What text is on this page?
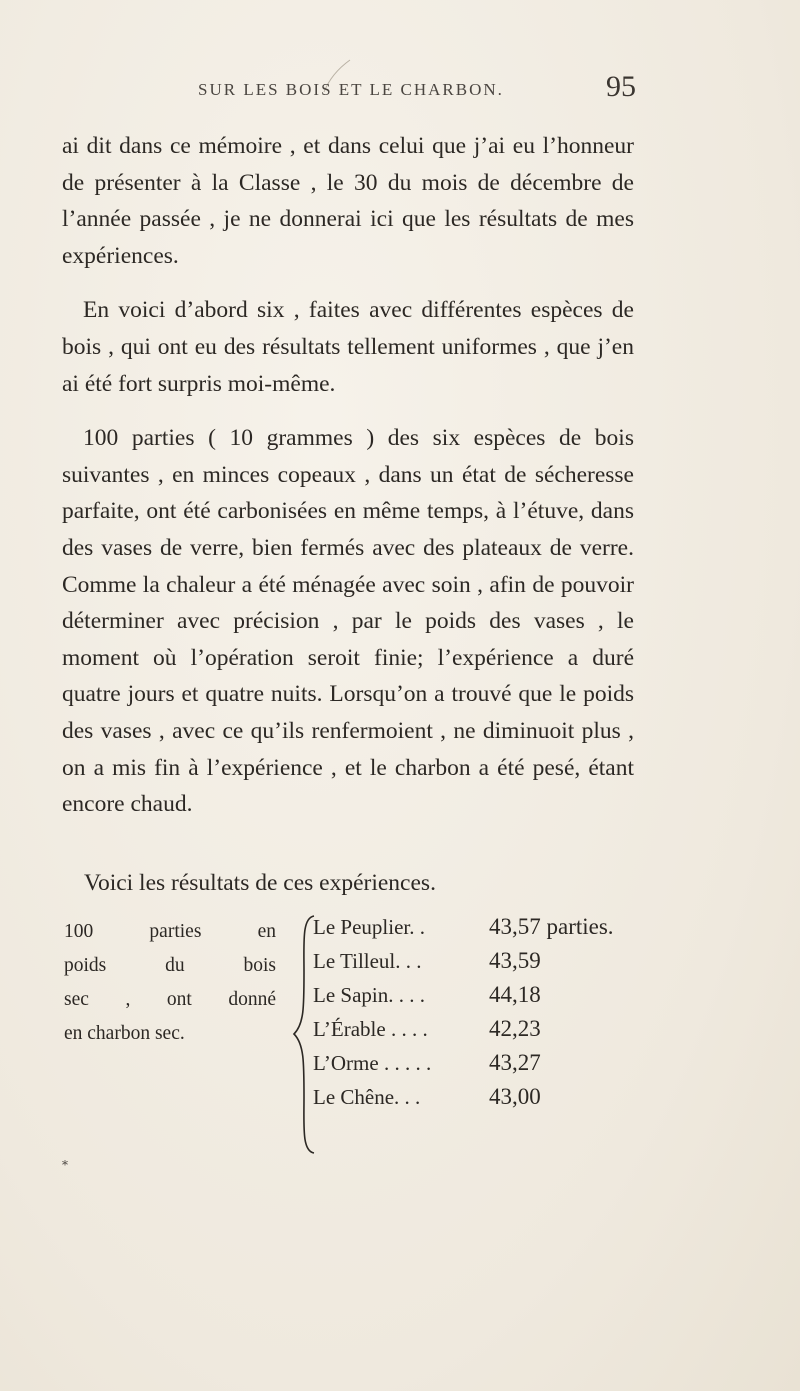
SUR LES BOIS ET LE CHARBON.	95

ai dit dans ce mémoire , et dans celui que j’ai eu l’honneur de présenter à la Classe , le 30 du mois de décembre de l’année passée , je ne donnerai ici que les résultats de mes expériences.

En voici d’abord six , faites avec différentes espèces de bois , qui ont eu des résultats tellement uniformes , que j’en ai été fort surpris moi-même.

100 parties ( 10 grammes ) des six espèces de bois suivantes , en minces copeaux , dans un état de sécheresse parfaite, ont été carbonisées en même temps, à l’étuve, dans des vases de verre, bien fermés avec des plateaux de verre. Comme la chaleur a été ménagée avec soin , afin de pouvoir déterminer avec précision , par le poids des vases , le moment où l’opération seroit finie; l’expérience a duré quatre jours et quatre nuits. Lorsqu’on a trouvé que le poids des vases , avec ce qu’ils renfermoient , ne diminuoit plus , on a mis fin à l’expérience , et le charbon a été pesé, étant encore chaud.

Voici les résultats de ces expériences.
100 parties en
poids du bois
sec , ont donné
en charbon sec.
Le Peuplier. .	43,57 parties.
Le Tilleul. . .	43,59
Le Sapin. . . .	44,18
L’Érable . . . .	42,23
L’Orme . . . . .	43,27
Le Chêne. . .	43,00
*
